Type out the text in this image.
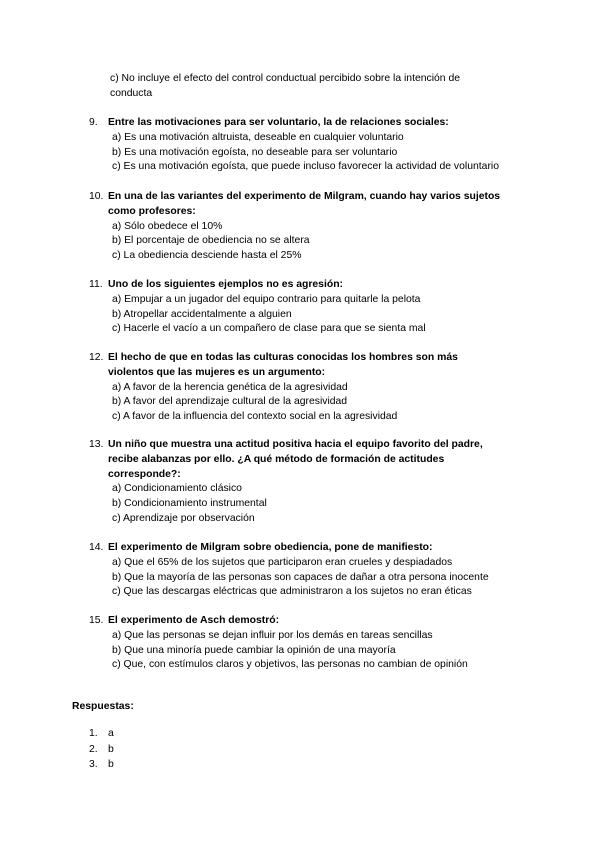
c) No incluye el efecto del control conductual percibido sobre la intención de
conducta
9. Entre las motivaciones para ser voluntario, la de relaciones sociales:
a) Es una motivación altruista, deseable en cualquier voluntario
b) Es una motivación egoísta, no deseable para ser voluntario
c) Es una motivación egoísta, que puede incluso favorecer la actividad de voluntario
10. En una de las variantes del experimento de Milgram, cuando hay varios sujetos
como profesores:
a) Sólo obedece el 10%
b) El porcentaje de obediencia no se altera
c) La obediencia desciende hasta el 25%
11. Uno de los siguientes ejemplos no es agresión:
a) Empujar a un jugador del equipo contrario para quitarle la pelota
b) Atropellar accidentalmente a alguien
c) Hacerle el vacío a un compañero de clase para que se sienta mal
12. El hecho de que en todas las culturas conocidas los hombres son más
violentos que las mujeres es un argumento:
a) A favor de la herencia genética de la agresividad
b) A favor del aprendizaje cultural de la agresividad
c) A favor de la influencia del contexto social en la agresividad
13. Un niño que muestra una actitud positiva hacia el equipo favorito del padre,
recibe alabanzas por ello. ¿A qué método de formación de actitudes
corresponde?:
a) Condicionamiento clásico
b) Condicionamiento instrumental
c) Aprendizaje por observación
14. El experimento de Milgram sobre obediencia, pone de manifiesto:
a) Que el 65% de los sujetos que participaron eran crueles y despiadados
b) Que la mayoría de las personas son capaces de dañar a otra persona inocente
c) Que las descargas eléctricas que administraron a los sujetos no eran éticas
15. El experimento de Asch demostró:
a) Que las personas se dejan influir por los demás en tareas sencillas
b) Que una minoría puede cambiar la opinión de una mayoría
c) Que, con estímulos claros y objetivos, las personas no cambian de opinión
Respuestas:
1. a
2. b
3. b
